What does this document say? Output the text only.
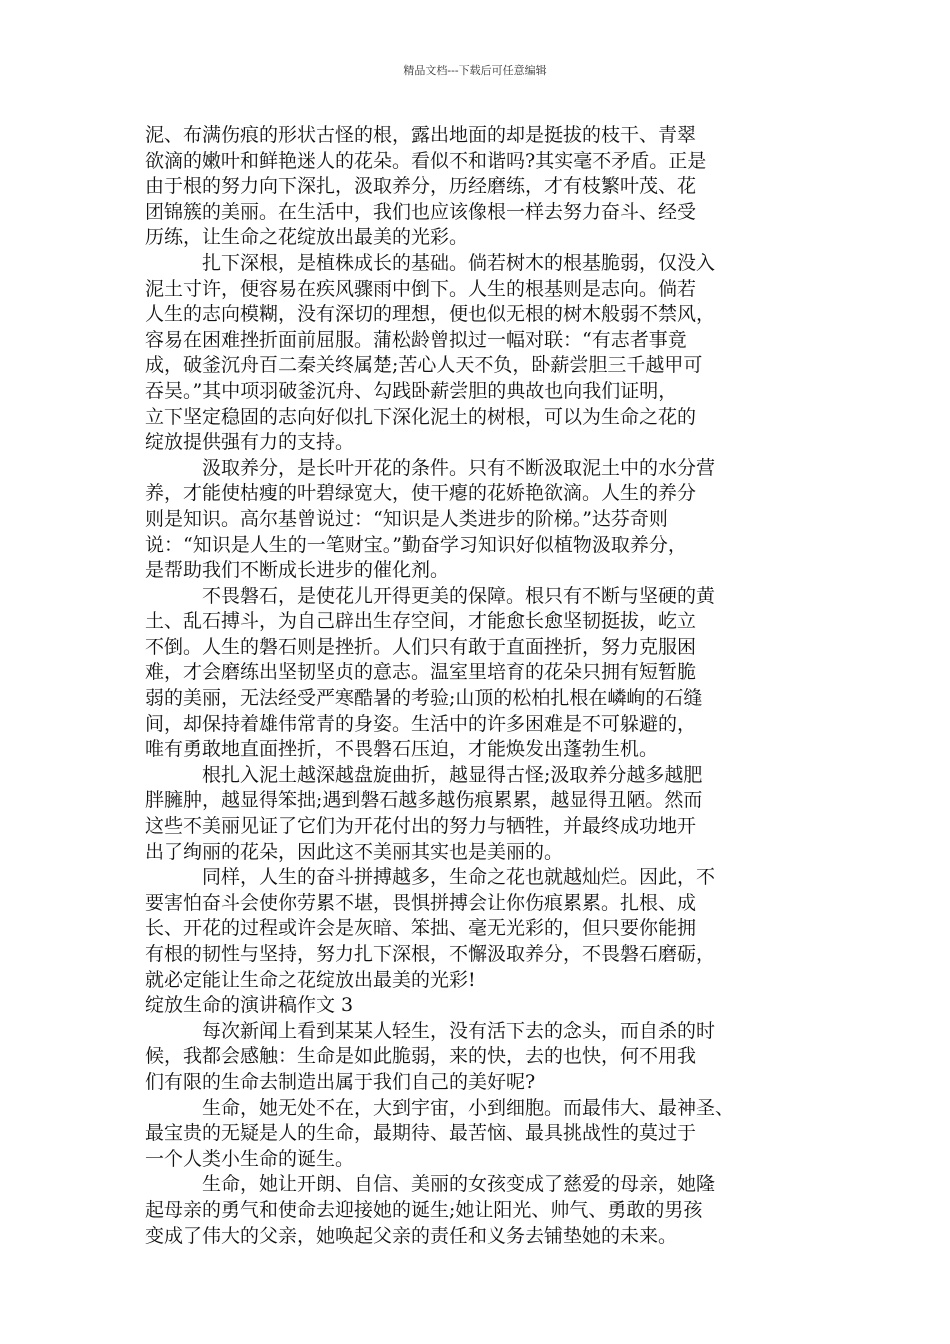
精品文档---下载后可任意编辑
泥、布满伤痕的形状古怪的根，露出地面的却是挺拔的枝干、青翠
欲滴的嫩叶和鲜艳迷人的花朵。看似不和谐吗?其实毫不矛盾。正是
由于根的努力向下深扎，汲取养分，历经磨练，才有枝繁叶茂、花
团锦簇的美丽。在生活中，我们也应该像根一样去努力奋斗、经受
历练，让生命之花绽放出最美的光彩。
扎下深根，是植株成长的基础。倘若树木的根基脆弱，仅没入
泥土寸许，便容易在疾风骤雨中倒下。人生的根基则是志向。倘若
人生的志向模糊，没有深切的理想，便也似无根的树木般弱不禁风，
容易在困难挫折面前屈服。蒲松龄曾拟过一幅对联：“有志者事竟
成，破釜沉舟百二秦关终属楚;苦心人天不负，卧薪尝胆三千越甲可
吞吴。”其中项羽破釜沉舟、勾践卧薪尝胆的典故也向我们证明，
立下坚定稳固的志向好似扎下深化泥土的树根，可以为生命之花的
绽放提供强有力的支持。
汲取养分，是长叶开花的条件。只有不断汲取泥土中的水分营
养，才能使枯瘦的叶碧绿宽大，使干瘪的花娇艳欲滴。人生的养分
则是知识。高尔基曾说过：“知识是人类进步的阶梯。”达芬奇则
说：“知识是人生的一笔财宝。”勤奋学习知识好似植物汲取养分，
是帮助我们不断成长进步的催化剂。
不畏磐石，是使花儿开得更美的保障。根只有不断与坚硬的黄
土、乱石搏斗，为自己辟出生存空间，才能愈长愈坚韧挺拔，屹立
不倒。人生的磐石则是挫折。人们只有敢于直面挫折，努力克服困
难，才会磨练出坚韧坚贞的意志。温室里培育的花朵只拥有短暂脆
弱的美丽，无法经受严寒酷暑的考验;山顶的松柏扎根在嶙峋的石缝
间，却保持着雄伟常青的身姿。生活中的许多困难是不可躲避的，
唯有勇敢地直面挫折，不畏磐石压迫，才能焕发出蓬勃生机。
根扎入泥土越深越盘旋曲折，越显得古怪;汲取养分越多越肥
胖臃肿，越显得笨拙;遇到磐石越多越伤痕累累，越显得丑陋。然而
这些不美丽见证了它们为开花付出的努力与牺牲，并最终成功地开
出了绚丽的花朵，因此这不美丽其实也是美丽的。
同样，人生的奋斗拼搏越多，生命之花也就越灿烂。因此，不
要害怕奋斗会使你劳累不堪，畏惧拼搏会让你伤痕累累。扎根、成
长、开花的过程或许会是灰暗、笨拙、毫无光彩的，但只要你能拥
有根的韧性与坚持，努力扎下深根，不懈汲取养分，不畏磐石磨砺，
就必定能让生命之花绽放出最美的光彩!
绽放生命的演讲稿作文 3
每次新闻上看到某某人轻生，没有活下去的念头，而自杀的时
候，我都会感触：生命是如此脆弱，来的快，去的也快，何不用我
们有限的生命去制造出属于我们自己的美好呢?
生命，她无处不在，大到宇宙，小到细胞。而最伟大、最神圣、
最宝贵的无疑是人的生命，最期待、最苦恼、最具挑战性的莫过于
一个人类小生命的诞生。
生命，她让开朗、自信、美丽的女孩变成了慈爱的母亲，她隆
起母亲的勇气和使命去迎接她的诞生;她让阳光、帅气、勇敢的男孩
变成了伟大的父亲，她唤起父亲的责任和义务去铺垫她的未来。
